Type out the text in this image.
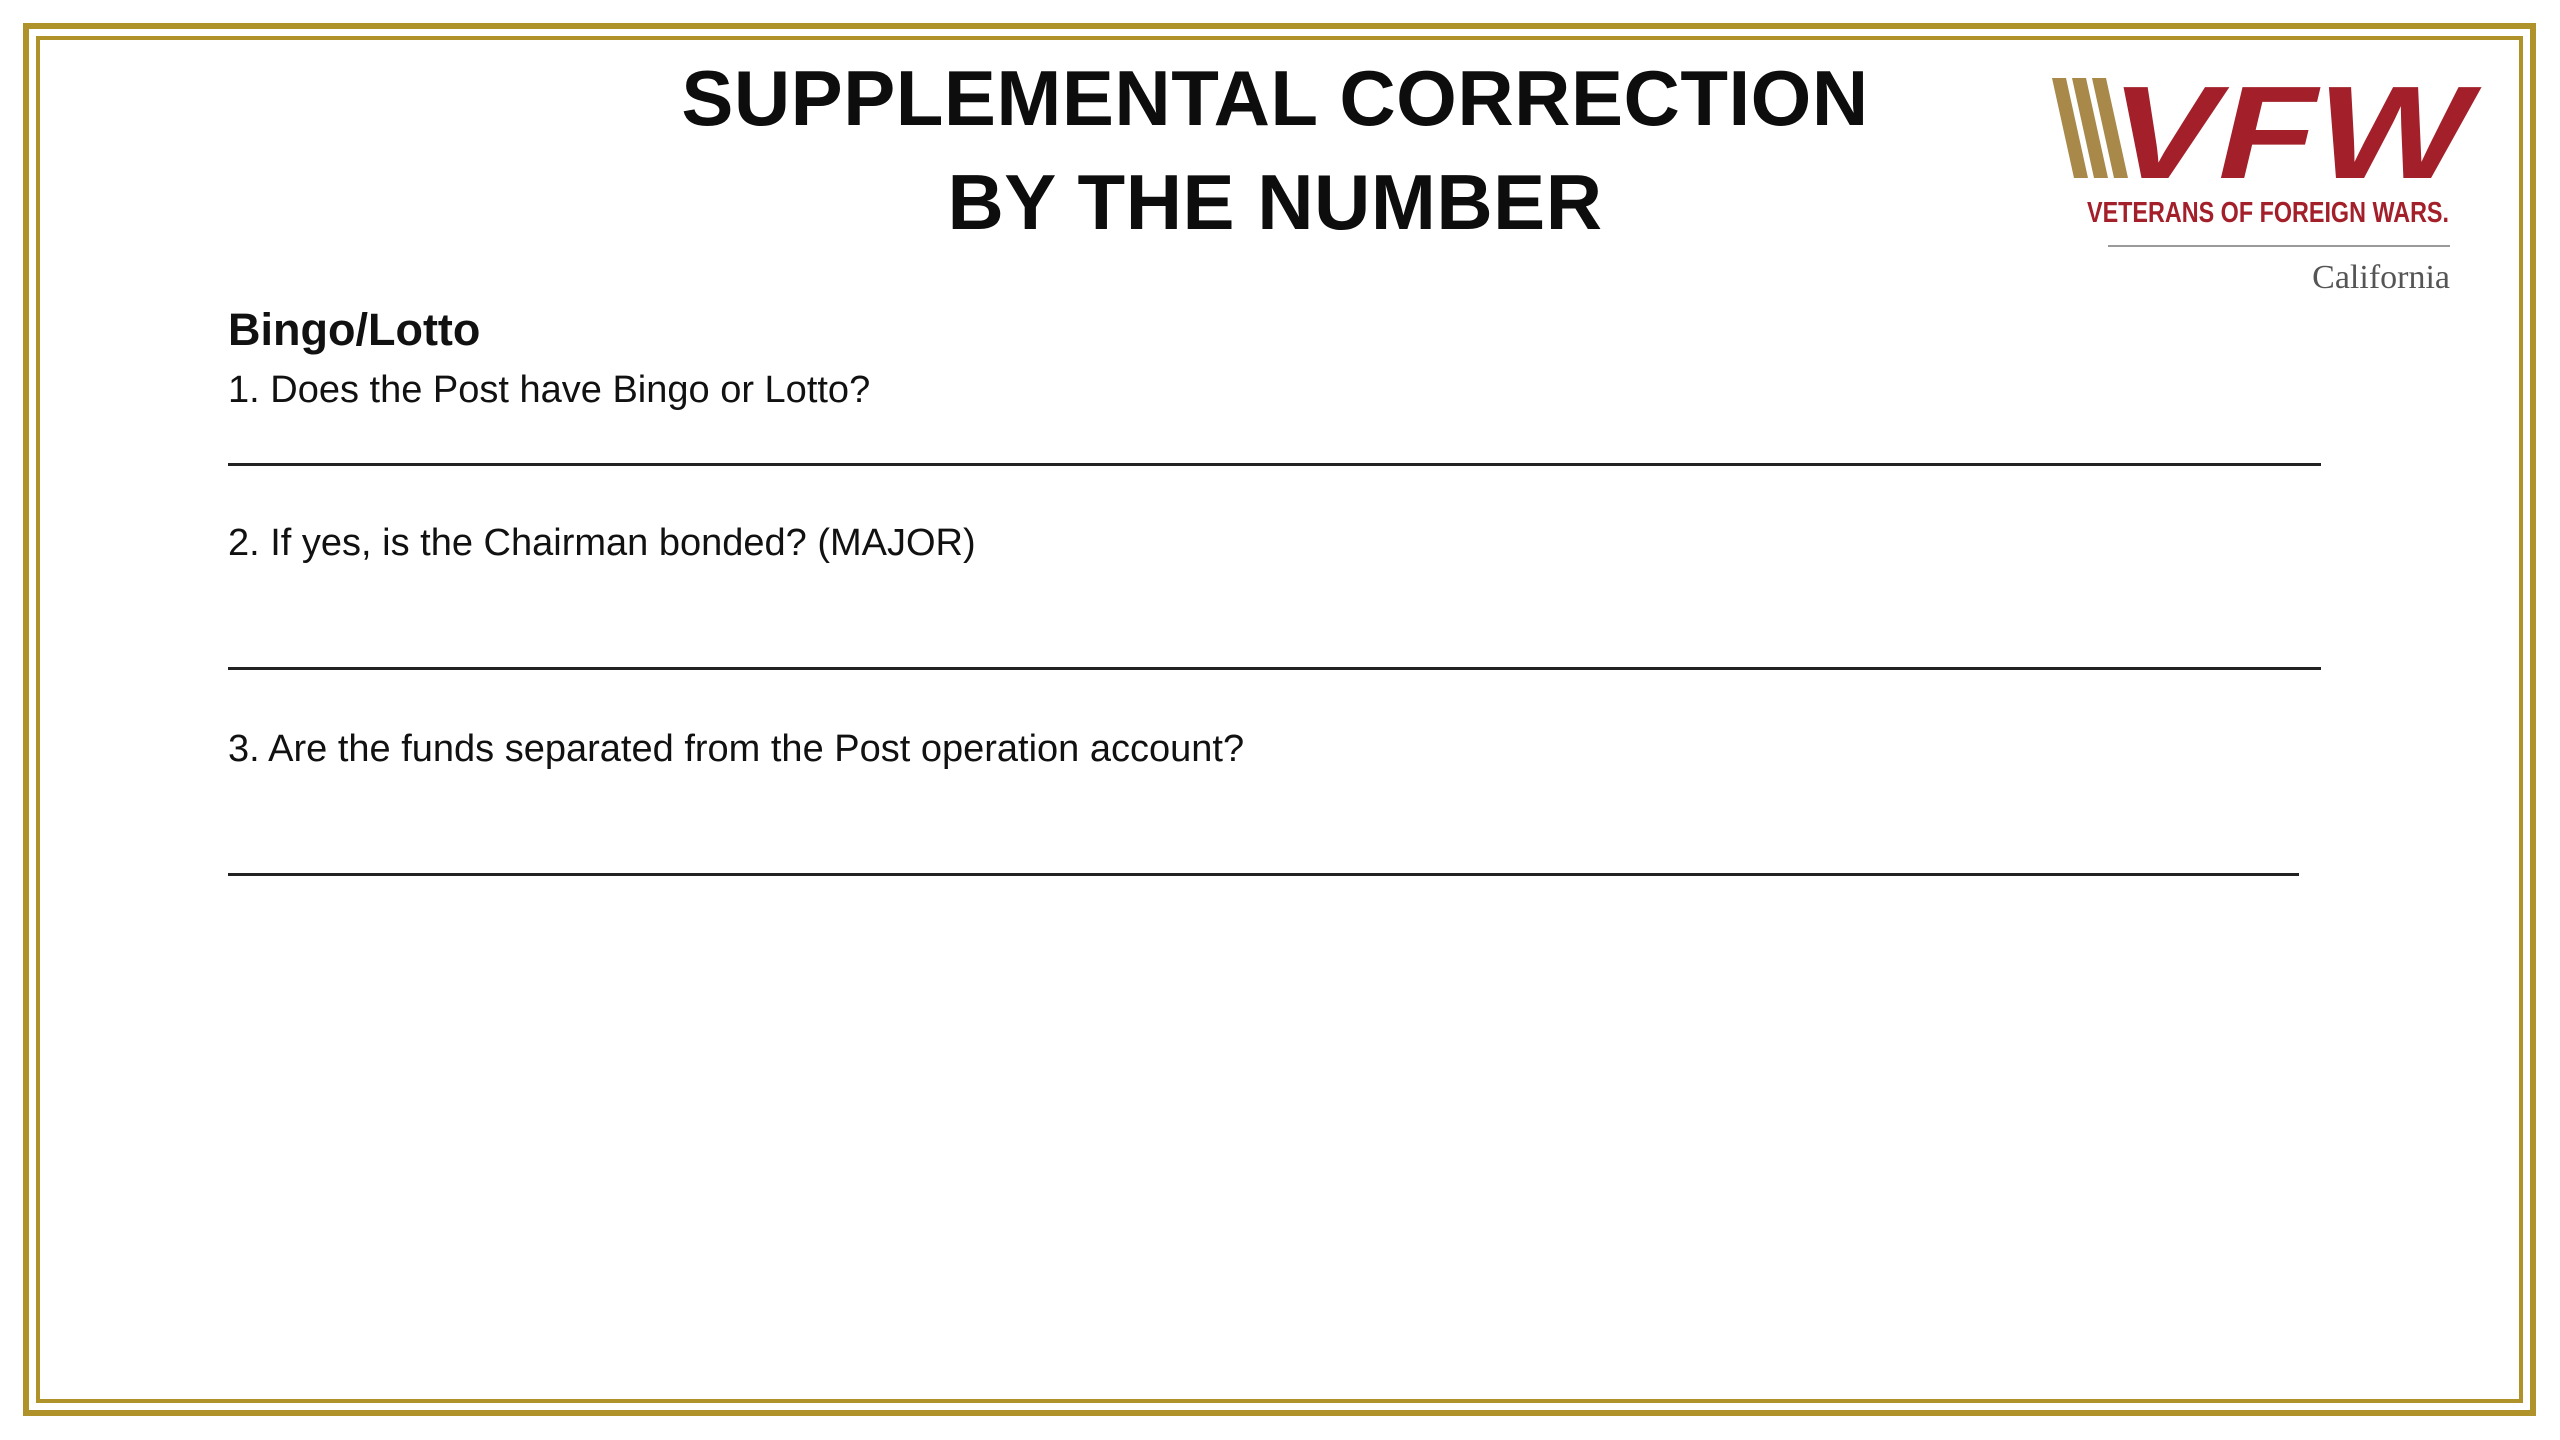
SUPPLEMENTAL CORRECTION
BY THE NUMBER	VFW
VETERANS OF FOREIGN WARS.
California
Bingo/Lotto

1. Does the Post have Bingo or Lotto?

2. If yes, is the Chairman bonded? (MAJOR)

3. Are the funds separated from the Post operation account?
